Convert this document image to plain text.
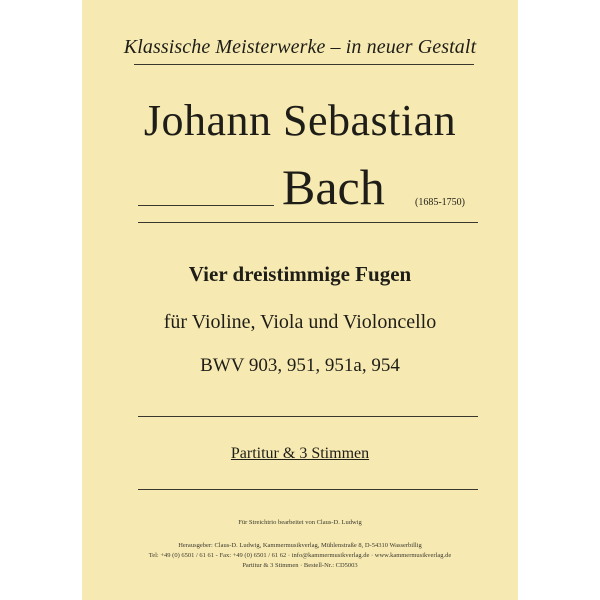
Klassische Meisterwerke – in neuer Gestalt
Johann Sebastian
Bach	(1685-1750)
Vier dreistimmige Fugen
für Violine, Viola und Violoncello
BWV 903, 951, 951a, 954
Partitur & 3 Stimmen
Für Streichtrio bearbeitet von Claus-D. Ludwig
Herausgeber: Claus-D. Ludwig, Kammermusikverlag, Mühlenstraße 8, D-54310 Wasserbillig
Tel: +49 (0) 6501 / 61 61 - Fax: +49 (0) 6501 / 61 62 · info@kammermusikverlag.de · www.kammermusikverlag.de
Partitur & 3 Stimmen · Bestell-Nr.: CD5003
